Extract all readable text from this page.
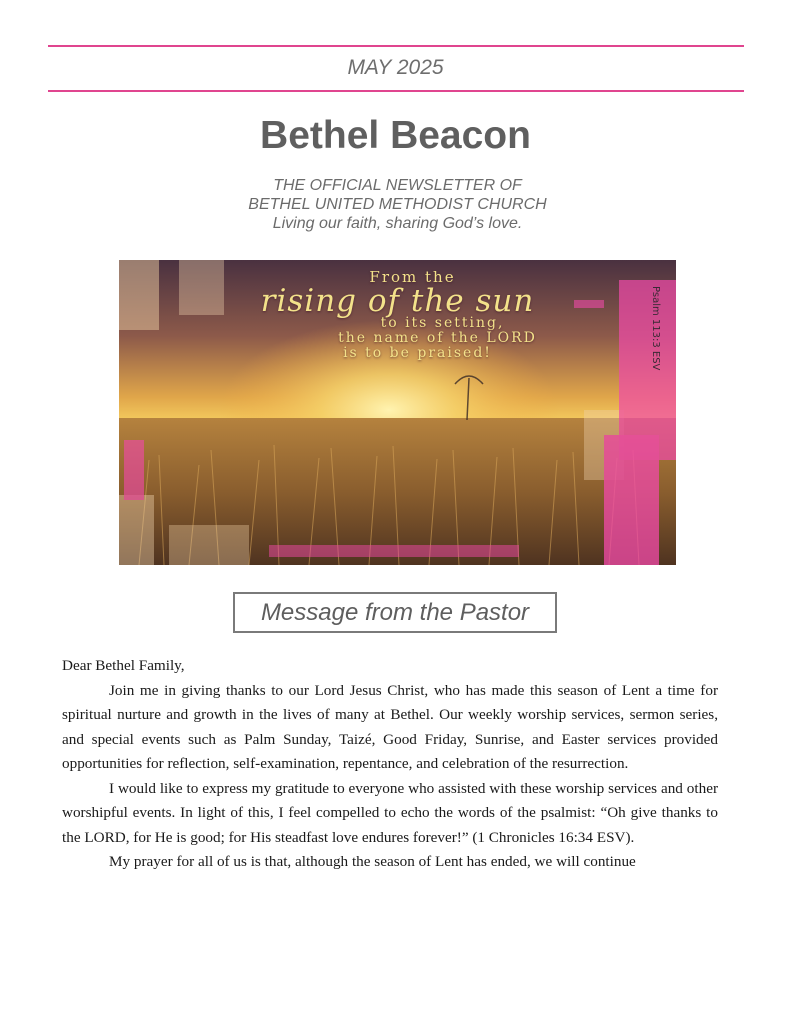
MAY 2025
Bethel Beacon
THE OFFICIAL NEWSLETTER OF
BETHEL UNITED METHODIST CHURCH
Living our faith, sharing God’s love.
From the
rising of the sun
to its setting,
the name of the LORD
is to be praised!	Psalm 113:3 ESV
Message from the Pastor

Dear Bethel Family,

Join me in giving thanks to our Lord Jesus Christ, who has made this season of Lent a time for spiritual nurture and growth in the lives of many at Bethel. Our weekly worship services, sermon series, and special events such as Palm Sunday, Taizé, Good Friday, Sunrise, and Easter services provided opportunities for reflection, self-examination, repentance, and celebration of the resurrection.

I would like to express my gratitude to everyone who assisted with these worship services and other worshipful events. In light of this, I feel compelled to echo the words of the psalmist: “Oh give thanks to the LORD, for He is good; for His steadfast love endures forever!” (1 Chronicles 16:34 ESV).

My prayer for all of us is that, although the season of Lent has ended, we will continue
